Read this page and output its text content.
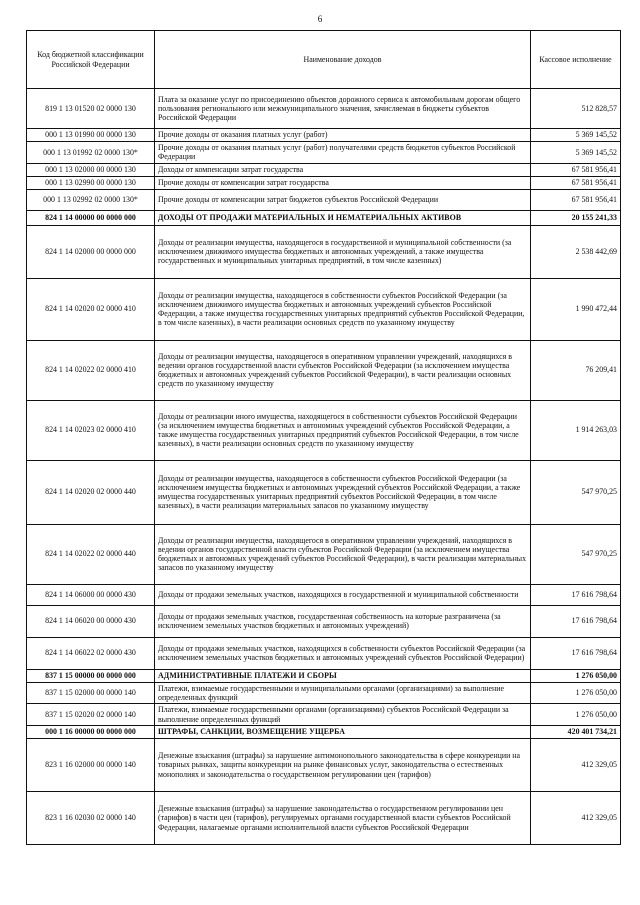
6
Код бюджетной классификации Российской Федерации	Наименование доходов	Кассовое исполнение
819 1 13 01520 02 0000 130	Плата за оказание услуг по присоединению объектов дорожного сервиса к автомобильным дорогам общего пользования регионального или межмуниципального значения, зачисляемая в бюджеты субъектов Российской Федерации	512 828,57
000 1 13 01990 00 0000 130	Прочие доходы от оказания платных услуг (работ)	5 369 145,52
000 1 13 01992 02 0000 130*	Прочие доходы от оказания платных услуг (работ) получателями средств бюджетов субъектов Российской Федерации	5 369 145,52
000 1 13 02000 00 0000 130	Доходы от компенсации затрат государства	67 581 956,41
000 1 13 02990 00 0000 130	Прочие доходы от компенсации затрат государства	67 581 956,41
000 1 13 02992 02 0000 130*	Прочие доходы от компенсации затрат бюджетов субъектов Российской Федерации	67 581 956,41
824 1 14 00000 00 0000 000	ДОХОДЫ ОТ ПРОДАЖИ МАТЕРИАЛЬНЫХ И НЕМАТЕРИАЛЬНЫХ АКТИВОВ	20 155 241,33
824 1 14 02000 00 0000 000	Доходы от реализации имущества, находящегося в государственной и муниципальной собственности (за исключением движимого имущества бюджетных и автономных учреждений, а также имущества государственных и муниципальных унитарных предприятий, в том числе казенных)	2 538 442,69
824 1 14 02020 02 0000 410	Доходы от реализации имущества, находящегося в собственности субъектов Российской Федерации (за исключением движимого имущества бюджетных и автономных учреждений субъектов Российской Федерации, а также имущества государственных унитарных предприятий субъектов Российской Федерации, в том числе казенных), в части реализации основных средств по указанному имуществу	1 990 472,44
824 1 14 02022 02 0000 410	Доходы от реализации имущества, находящегося в оперативном управлении учреждений, находящихся в ведении органов государственной власти субъектов Российской Федерации (за исключением имущества бюджетных и автономных учреждений субъектов Российской Федерации), в части реализации основных средств по указанному имуществу	76 209,41
824 1 14 02023 02 0000 410	Доходы от реализации иного имущества, находящегося в собственности субъектов Российской Федерации (за исключением имущества бюджетных и автономных учреждений субъектов Российской Федерации, а также имущества государственных унитарных предприятий субъектов Российской Федерации, в том числе казенных), в части реализации основных средств по указанному имуществу	1 914 263,03
824 1 14 02020 02 0000 440	Доходы от реализации имущества, находящегося в собственности субъектов Российской Федерации (за исключением имущества бюджетных и автономных учреждений субъектов Российской Федерации, а также имущества государственных унитарных предприятий субъектов Российской Федерации, в том числе казенных), в части реализации материальных запасов по указанному имуществу	547 970,25
824 1 14 02022 02 0000 440	Доходы от реализации имущества, находящегося в оперативном управлении учреждений, находящихся в ведении органов государственной власти субъектов Российской Федерации (за исключением имущества бюджетных и автономных учреждений субъектов Российской Федерации), в части реализации материальных запасов по указанному имуществу	547 970,25
824 1 14 06000 00 0000 430	Доходы от продажи земельных участков, находящихся в государственной и муниципальной собственности	17 616 798,64
824 1 14 06020 00 0000 430	Доходы от продажи земельных участков, государственная собственность на которые разграничена (за исключением земельных участков бюджетных и автономных учреждений)	17 616 798,64
824 1 14 06022 02 0000 430	Доходы от продажи земельных участков, находящихся в собственности субъектов Российской Федерации (за исключением земельных участков бюджетных и автономных учреждений субъектов Российской Федерации)	17 616 798,64
837 1 15 00000 00 0000 000	АДМИНИСТРАТИВНЫЕ ПЛАТЕЖИ И СБОРЫ	1 276 050,00
837 1 15 02000 00 0000 140	Платежи, взимаемые государственными и муниципальными органами (организациями) за выполнение определенных функций	1 276 050,00
837 1 15 02020 02 0000 140	Платежи, взимаемые государственными органами (организациями) субъектов Российской Федерации за выполнение определенных функций	1 276 050,00
000 1 16 00000 00 0000 000	ШТРАФЫ, САНКЦИИ, ВОЗМЕЩЕНИЕ УЩЕРБА	420 401 734,21
823 1 16 02000 00 0000 140	Денежные взыскания (штрафы) за нарушение антимонопольного законодательства в сфере конкуренции на товарных рынках, защиты конкуренции на рынке финансовых услуг, законодательства о естественных монополиях и законодательства о государственном регулировании цен (тарифов)	412 329,05
823 1 16 02030 02 0000 140	Денежные взыскания (штрафы) за нарушение законодательства о государственном регулировании цен (тарифов) в части цен (тарифов), регулируемых органами государственной власти субъектов Российской Федерации, налагаемые органами исполнительной власти субъектов Российской Федерации	412 329,05
